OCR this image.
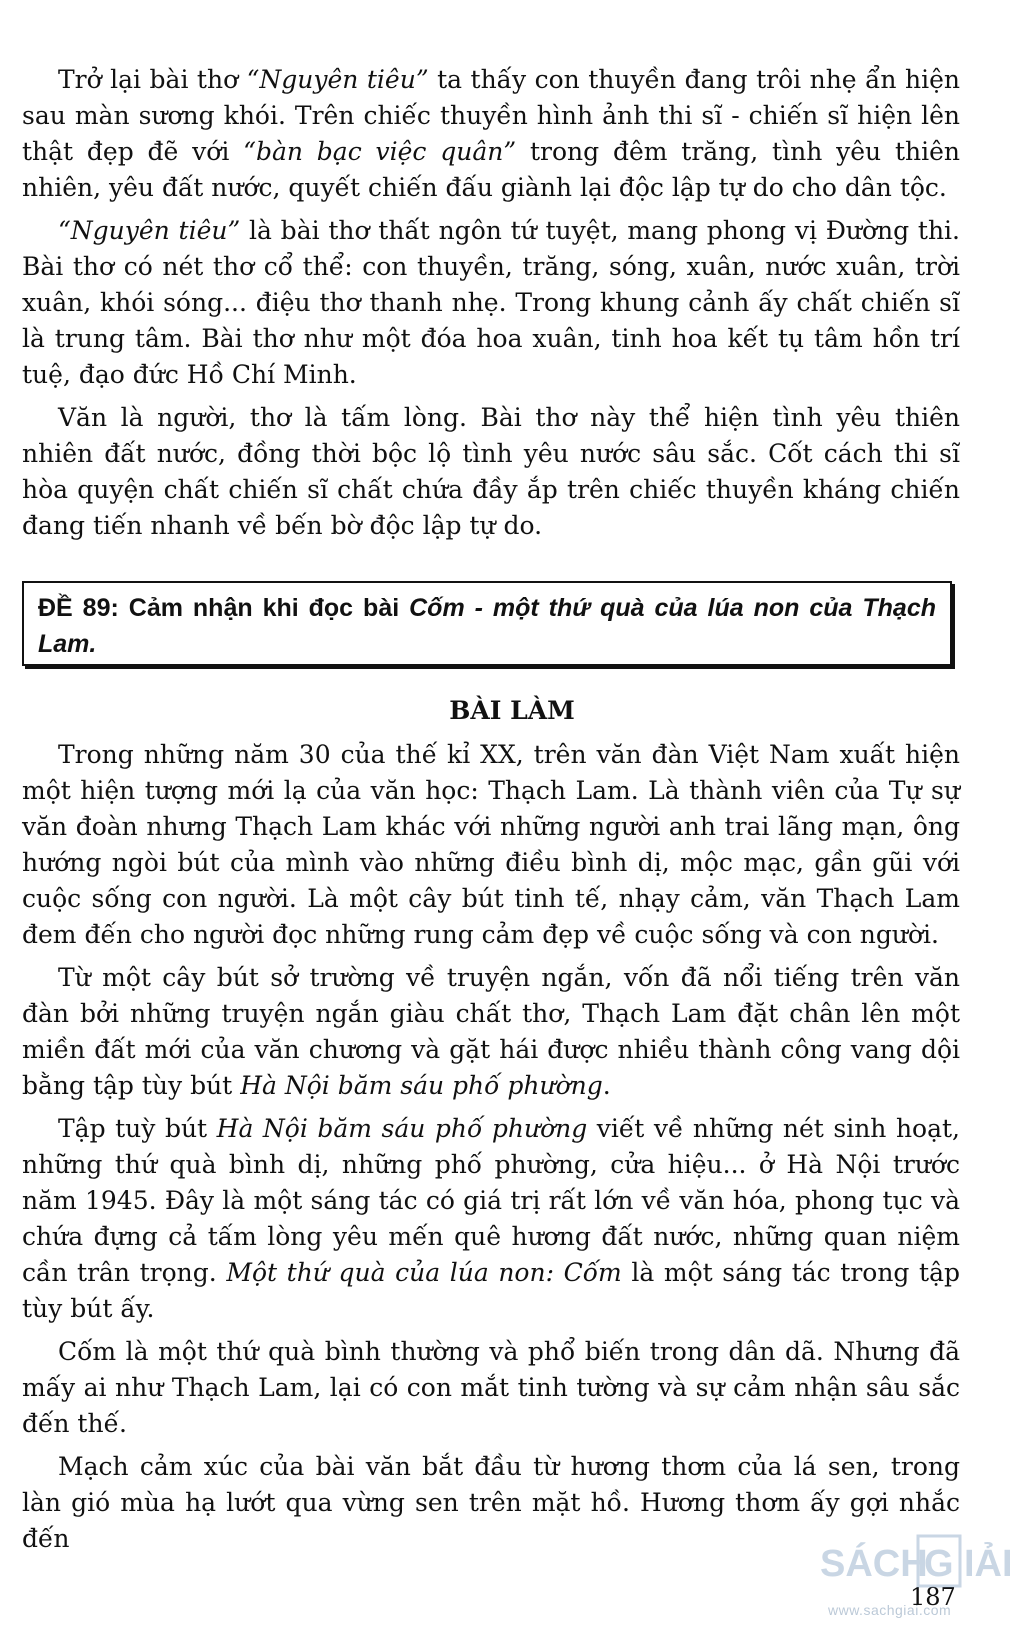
Trở lại bài thơ “Nguyên tiêu” ta thấy con thuyền đang trôi nhẹ ẩn hiện sau màn sương khói. Trên chiếc thuyền hình ảnh thi sĩ - chiến sĩ hiện lên thật đẹp đẽ với “bàn bạc việc quân” trong đêm trăng, tình yêu thiên nhiên, yêu đất nước, quyết chiến đấu giành lại độc lập tự do cho dân tộc.

“Nguyên tiêu” là bài thơ thất ngôn tứ tuyệt, mang phong vị Đường thi. Bài thơ có nét thơ cổ thể: con thuyền, trăng, sóng, xuân, nước xuân, trời xuân, khói sóng... điệu thơ thanh nhẹ. Trong khung cảnh ấy chất chiến sĩ là trung tâm. Bài thơ như một đóa hoa xuân, tinh hoa kết tụ tâm hồn trí tuệ, đạo đức Hồ Chí Minh.

Văn là người, thơ là tấm lòng. Bài thơ này thể hiện tình yêu thiên nhiên đất nước, đồng thời bộc lộ tình yêu nước sâu sắc. Cốt cách thi sĩ hòa quyện chất chiến sĩ chất chứa đầy ắp trên chiếc thuyền kháng chiến đang tiến nhanh về bến bờ độc lập tự do.

ĐỀ 89: Cảm nhận khi đọc bài Cốm - một thứ quà của lúa non của Thạch Lam.
BÀI LÀM

Trong những năm 30 của thế kỉ XX, trên văn đàn Việt Nam xuất hiện một hiện tượng mới lạ của văn học: Thạch Lam. Là thành viên của Tự sự văn đoàn nhưng Thạch Lam khác với những người anh trai lãng mạn, ông hướng ngòi bút của mình vào những điều bình dị, mộc mạc, gần gũi với cuộc sống con người. Là một cây bút tinh tế, nhạy cảm, văn Thạch Lam đem đến cho người đọc những rung cảm đẹp về cuộc sống và con người.

Từ một cây bút sở trường về truyện ngắn, vốn đã nổi tiếng trên văn đàn bởi những truyện ngắn giàu chất thơ, Thạch Lam đặt chân lên một miền đất mới của văn chương và gặt hái được nhiều thành công vang dội bằng tập tùy bút Hà Nội băm sáu phố phường.

Tập tuỳ bút Hà Nội băm sáu phố phường viết về những nét sinh hoạt, những thứ quà bình dị, những phố phường, cửa hiệu... ở Hà Nội trước năm 1945. Đây là một sáng tác có giá trị rất lớn về văn hóa, phong tục và chứa đựng cả tấm lòng yêu mến quê hương đất nước, những quan niệm cần trân trọng. Một thứ quà của lúa non: Cốm là một sáng tác trong tập tùy bút ấy.

Cốm là một thứ quà bình thường và phổ biến trong dân dã. Nhưng đã mấy ai như Thạch Lam, lại có con mắt tinh tường và sự cảm nhận sâu sắc đến thế.

Mạch cảm xúc của bài văn bắt đầu từ hương thơm của lá sen, trong làn gió mùa hạ lướt qua vừng sen trên mặt hồ. Hương thơm ấy gợi nhắc đến

187
SÁCH
G IẢI
www.sachgiai.com
